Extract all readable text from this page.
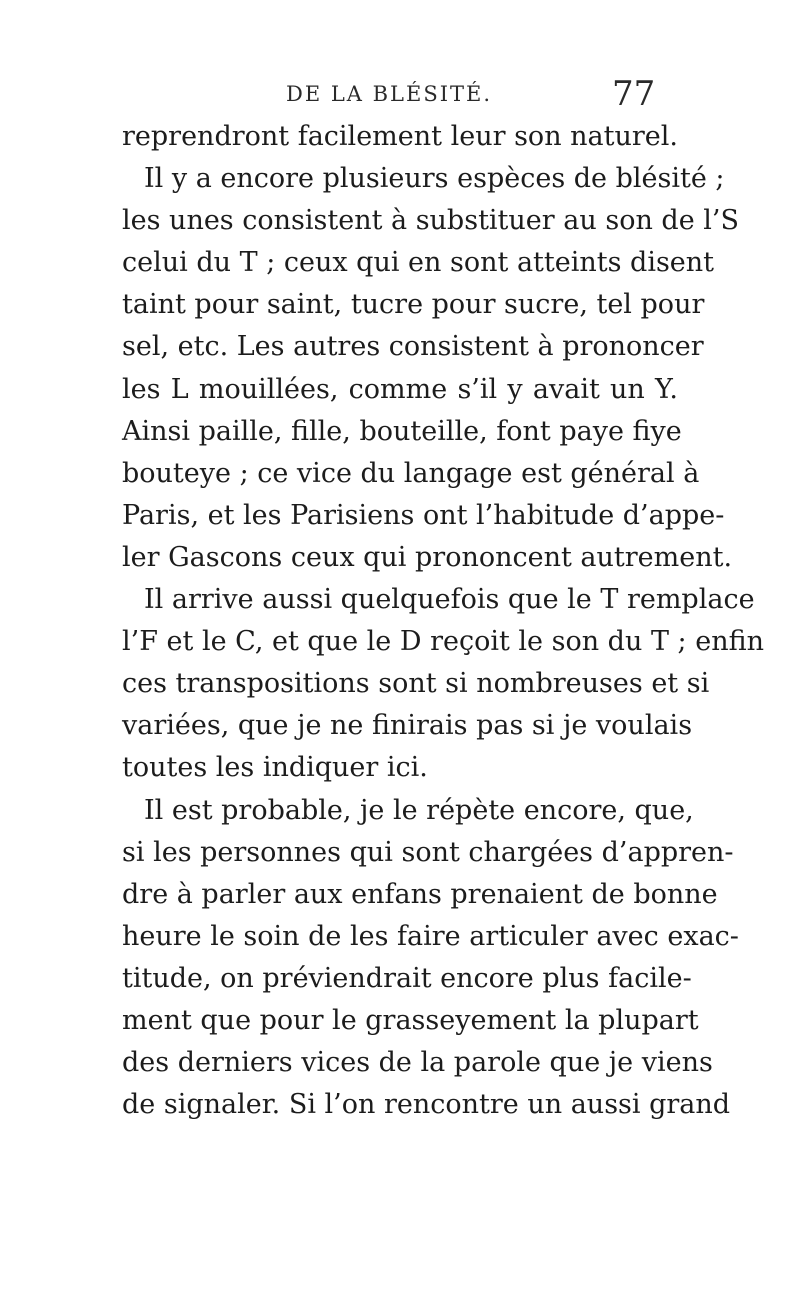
DE LA BLÉSITÉ.	77
reprendront facilement leur son naturel.
Il y a encore plusieurs espèces de blésité ;
les unes consistent à substituer au son de l’S
celui du T ; ceux qui en sont atteints disent
taint pour saint, tucre pour sucre, tel pour
sel, etc. Les autres consistent à prononcer
les L mouillées, comme s’il y avait un Y.
Ainsi paille, fille, bouteille, font paye fiye
bouteye ; ce vice du langage est général à
Paris, et les Parisiens ont l’habitude d’appe-
ler Gascons ceux qui prononcent autrement.
Il arrive aussi quelquefois que le T remplace
l’F et le C, et que le D reçoit le son du T ; enfin
ces transpositions sont si nombreuses et si
variées, que je ne finirais pas si je voulais
toutes les indiquer ici.
Il est probable, je le répète encore, que,
si les personnes qui sont chargées d’appren-
dre à parler aux enfans prenaient de bonne
heure le soin de les faire articuler avec exac-
titude, on préviendrait encore plus facile-
ment que pour le grasseyement la plupart
des derniers vices de la parole que je viens
de signaler. Si l’on rencontre un aussi grand
